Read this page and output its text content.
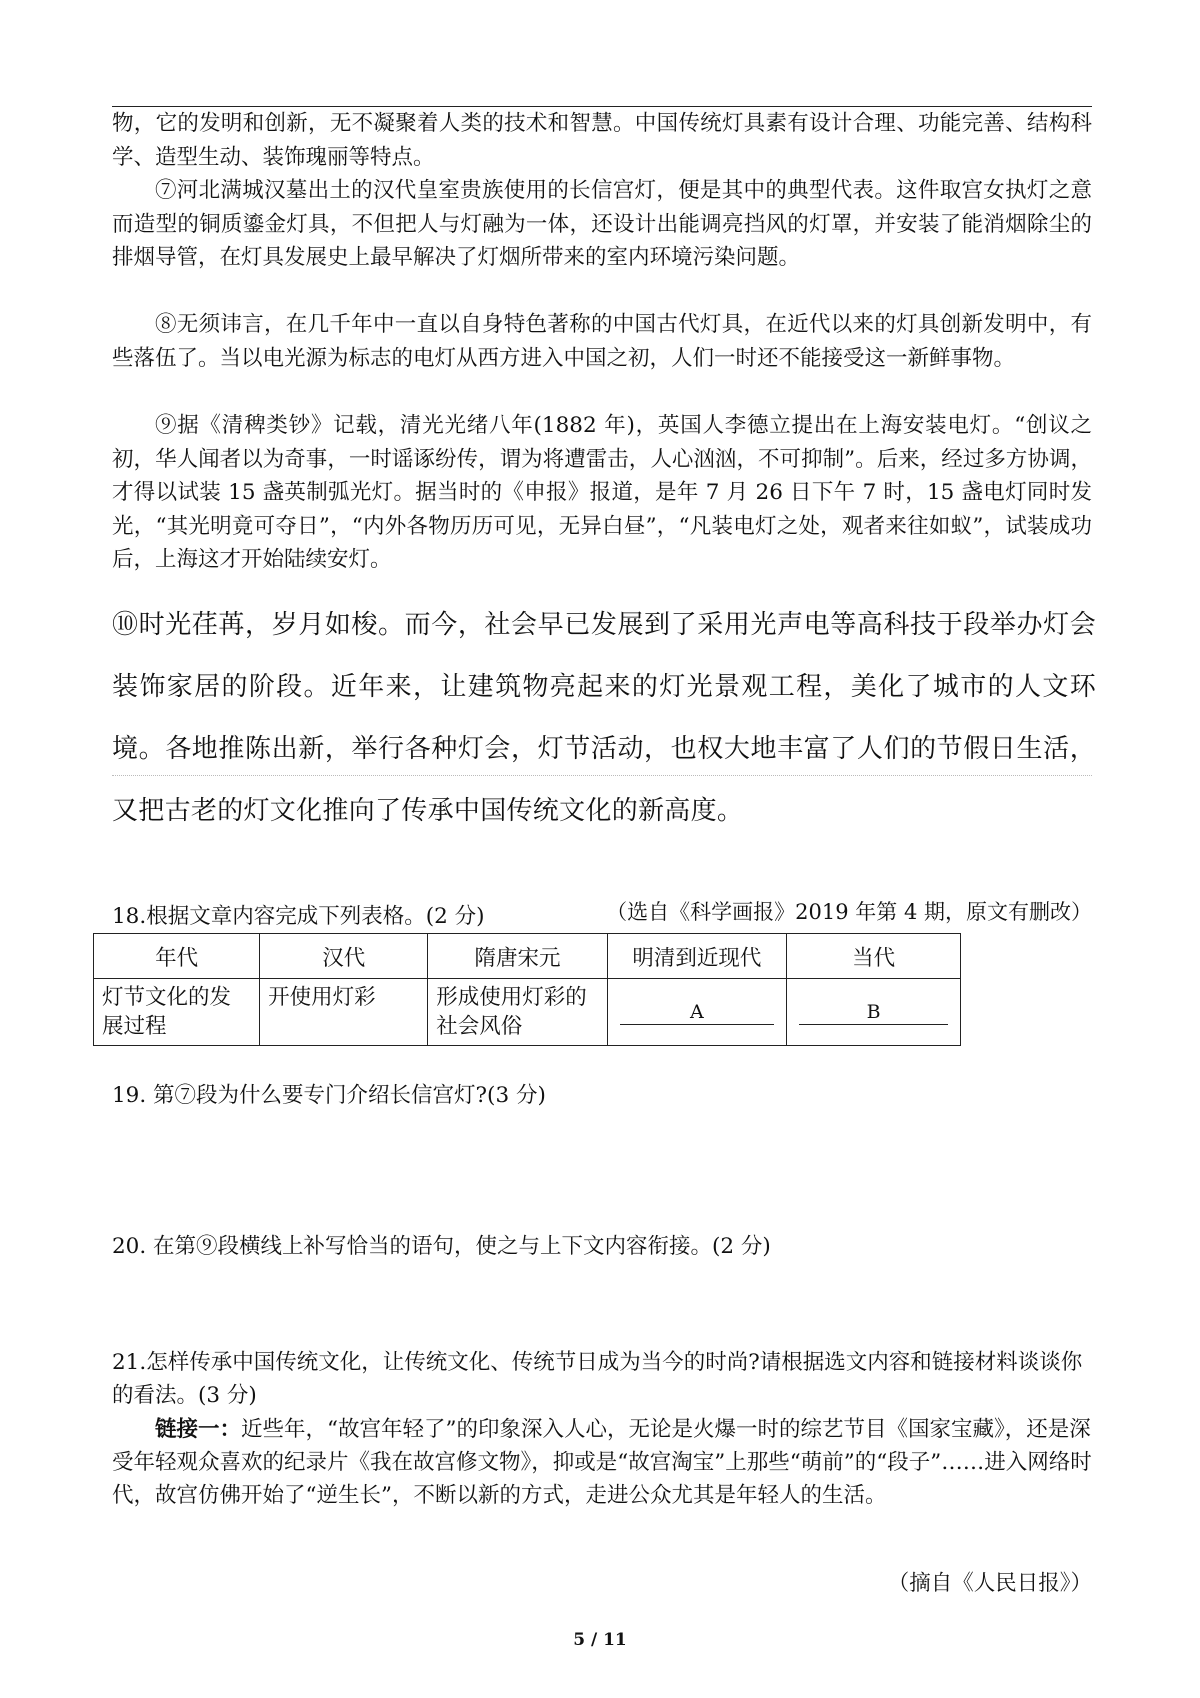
物，它的发明和创新，无不凝聚着人类的技术和智慧。中国传统灯具素有设计合理、功能完善、结构科学、造型生动、装饰瑰丽等特点。

⑦河北满城汉墓出土的汉代皇室贵族使用的长信宫灯，便是其中的典型代表。这件取宫女执灯之意而造型的铜质鎏金灯具，不但把人与灯融为一体，还设计出能调亮挡风的灯罩，并安装了能消烟除尘的排烟导管，在灯具发展史上最早解决了灯烟所带来的室内环境污染问题。

⑧无须讳言，在几千年中一直以自身特色著称的中国古代灯具，在近代以来的灯具创新发明中，有些落伍了。当以电光源为标志的电灯从西方进入中国之初，人们一时还不能接受这一新鲜事物。

⑨据《清稗类钞》记载，清光光绪八年(1882 年)，英国人李德立提出在上海安装电灯。“创议之初，华人闻者以为奇事，一时谣诼纷传，谓为将遭雷击，人心汹汹，不可抑制”。后来，经过多方协调，才得以试装 15 盏英制弧光灯。据当时的《申报》报道，是年 7 月 26 日下午 7 时，15 盏电灯同时发光，“其光明竟可夺日”，“内外各物历历可见，无异白昼”，“凡装电灯之处，观者来往如蚁”，试装成功后，上海这才开始陆续安灯。

⑩时光荏苒，岁月如梭。而今，社会早已发展到了采用光声电等高科技于段举办灯会装饰家居的阶段。近年来，让建筑物亮起来的灯光景观工程，美化了城市的人文环境。各地推陈出新，举行各种灯会，灯节活动，也权大地丰富了人们的节假日生活，又把古老的灯文化推向了传承中国传统文化的新高度。

（选自《科学画报》2019 年第 4 期，原文有删改）

18.根据文章内容完成下列表格。(2 分)

年代	汉代	隋唐宋元	明清到近现代	当代
灯节文化的发展过程	开使用灯彩	形成使用灯彩的社会风俗	A	B

19. 第⑦段为什么要专门介绍长信宫灯?(3 分)

20. 在第⑨段横线上补写恰当的语句，使之与上下文内容衔接。(2 分)

21.怎样传承中国传统文化，让传统文化、传统节日成为当今的时尚?请根据选文内容和链接材料谈谈你的看法。(3 分)

链接一：近些年，“故宫年轻了”的印象深入人心，无论是火爆一时的综艺节目《国家宝藏》，还是深受年轻观众喜欢的纪录片《我在故宫修文物》，抑或是“故宫淘宝”上那些“萌前”的“段子”……进入网络时代，故宫仿佛开始了“逆生长”，不断以新的方式，走进公众尤其是年轻人的生活。

（摘自《人民日报》）

5 / 11
